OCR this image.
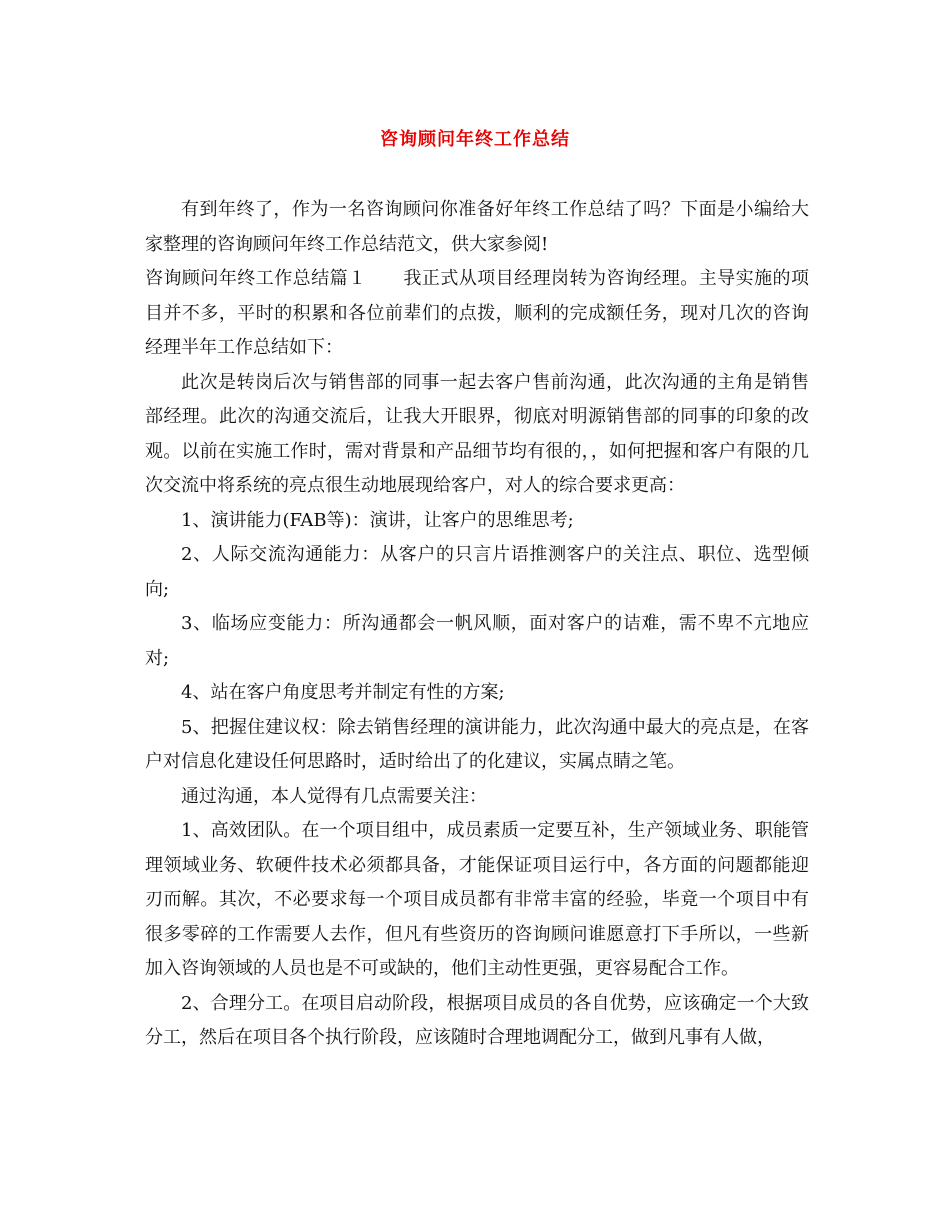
咨询顾问年终工作总结

有到年终了，作为一名咨询顾问你准备好年终工作总结了吗？下面是小编给大家整理的咨询顾问年终工作总结范文，供大家参阅!

咨询顾问年终工作总结篇１　　我正式从项目经理岗转为咨询经理。主导实施的项目并不多，平时的积累和各位前辈们的点拨，顺利的完成额任务，现对几次的咨询经理半年工作总结如下：

此次是转岗后次与销售部的同事一起去客户售前沟通，此次沟通的主角是销售部经理。此次的沟通交流后，让我大开眼界，彻底对明源销售部的同事的印象的改观。以前在实施工作时，需对背景和产品细节均有很的，，如何把握和客户有限的几次交流中将系统的亮点很生动地展现给客户，对人的综合要求更高：

1、演讲能力(FAB等)：演讲，让客户的思维思考;

2、人际交流沟通能力：从客户的只言片语推测客户的关注点、职位、选型倾向;

3、临场应变能力：所沟通都会一帆风顺，面对客户的诘难，需不卑不亢地应对;

4、站在客户角度思考并制定有性的方案;

5、把握住建议权：除去销售经理的演讲能力，此次沟通中最大的亮点是，在客户对信息化建设任何思路时，适时给出了的化建议，实属点睛之笔。

通过沟通，本人觉得有几点需要关注：

1、高效团队。在一个项目组中，成员素质一定要互补，生产领域业务、职能管理领域业务、软硬件技术必须都具备，才能保证项目运行中，各方面的问题都能迎刃而解。其次，不必要求每一个项目成员都有非常丰富的经验，毕竟一个项目中有很多零碎的工作需要人去作，但凡有些资历的咨询顾问谁愿意打下手所以，一些新加入咨询领域的人员也是不可或缺的，他们主动性更强，更容易配合工作。

2、合理分工。在项目启动阶段，根据项目成员的各自优势，应该确定一个大致分工，然后在项目各个执行阶段，应该随时合理地调配分工，做到凡事有人做，
